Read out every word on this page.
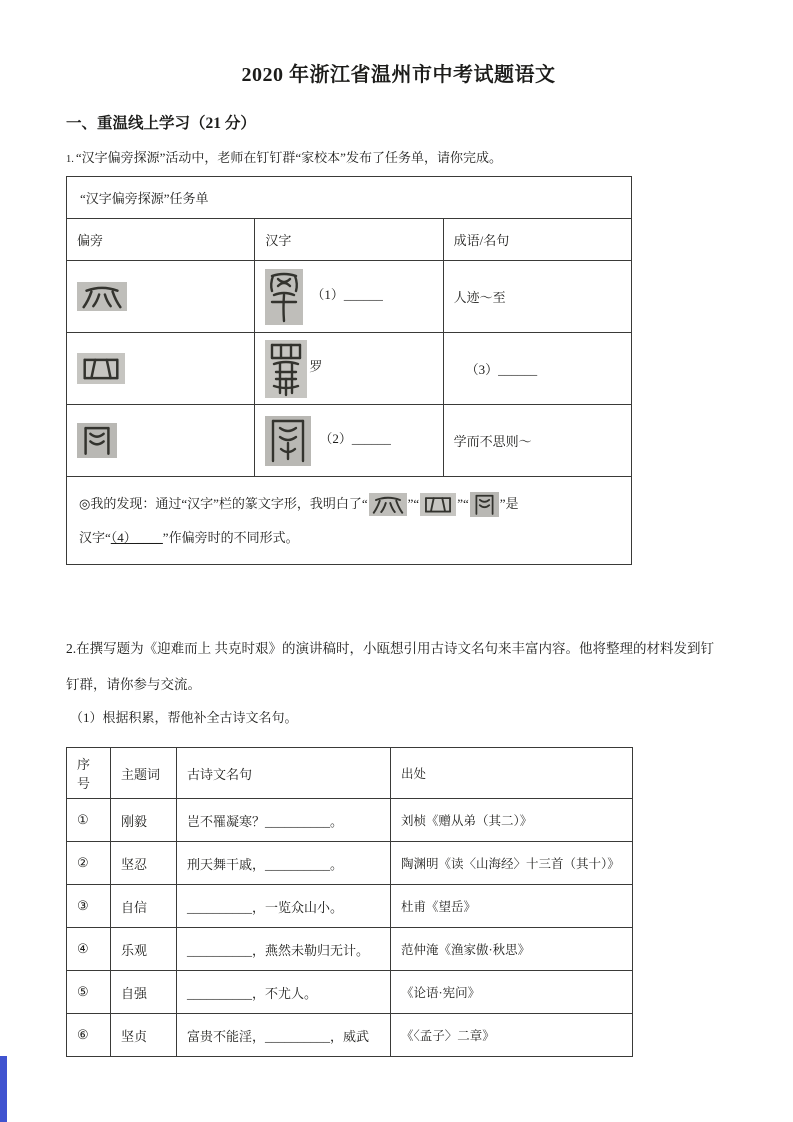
2020 年浙江省温州市中考试题语文
一、重温线上学习（21 分）

1. “汉字偏旁探源”活动中，老师在钉钉群“家校本”发布了任务单，请你完成。

“汉字偏旁探源”任务单		
偏旁	汉字	成语/名句
	（1）______	人迹～至
	罗	（3）______
	（2）______	学而不思则～
◎我的发现：通过“汉字”栏的篆文字形，我明白了“ ”“ ”“ ”是
汉字“（4）____”作偏旁时的不同形式。		

2.在撰写题为《迎难而上 共克时艰》的演讲稿时，小瓯想引用古诗文名句来丰富内容。他将整理的材料发到钉钉群，请你参与交流。

（1）根据积累，帮他补全古诗文名句。

序号	主题词	古诗文名句	出处
①	刚毅	岂不罹凝寒？__________。	刘桢《赠从弟（其二）》
②	坚忍	刑天舞干戚，__________。	陶渊明《读〈山海经〉十三首（其十）》
③	自信	__________，一览众山小。	杜甫《望岳》
④	乐观	__________，燕然未勒归无计。	范仲淹《渔家傲·秋思》
⑤	自强	__________，不尤人。	《论语·宪问》
⑥	坚贞	富贵不能淫，__________，威武	《〈孟子〉二章》
